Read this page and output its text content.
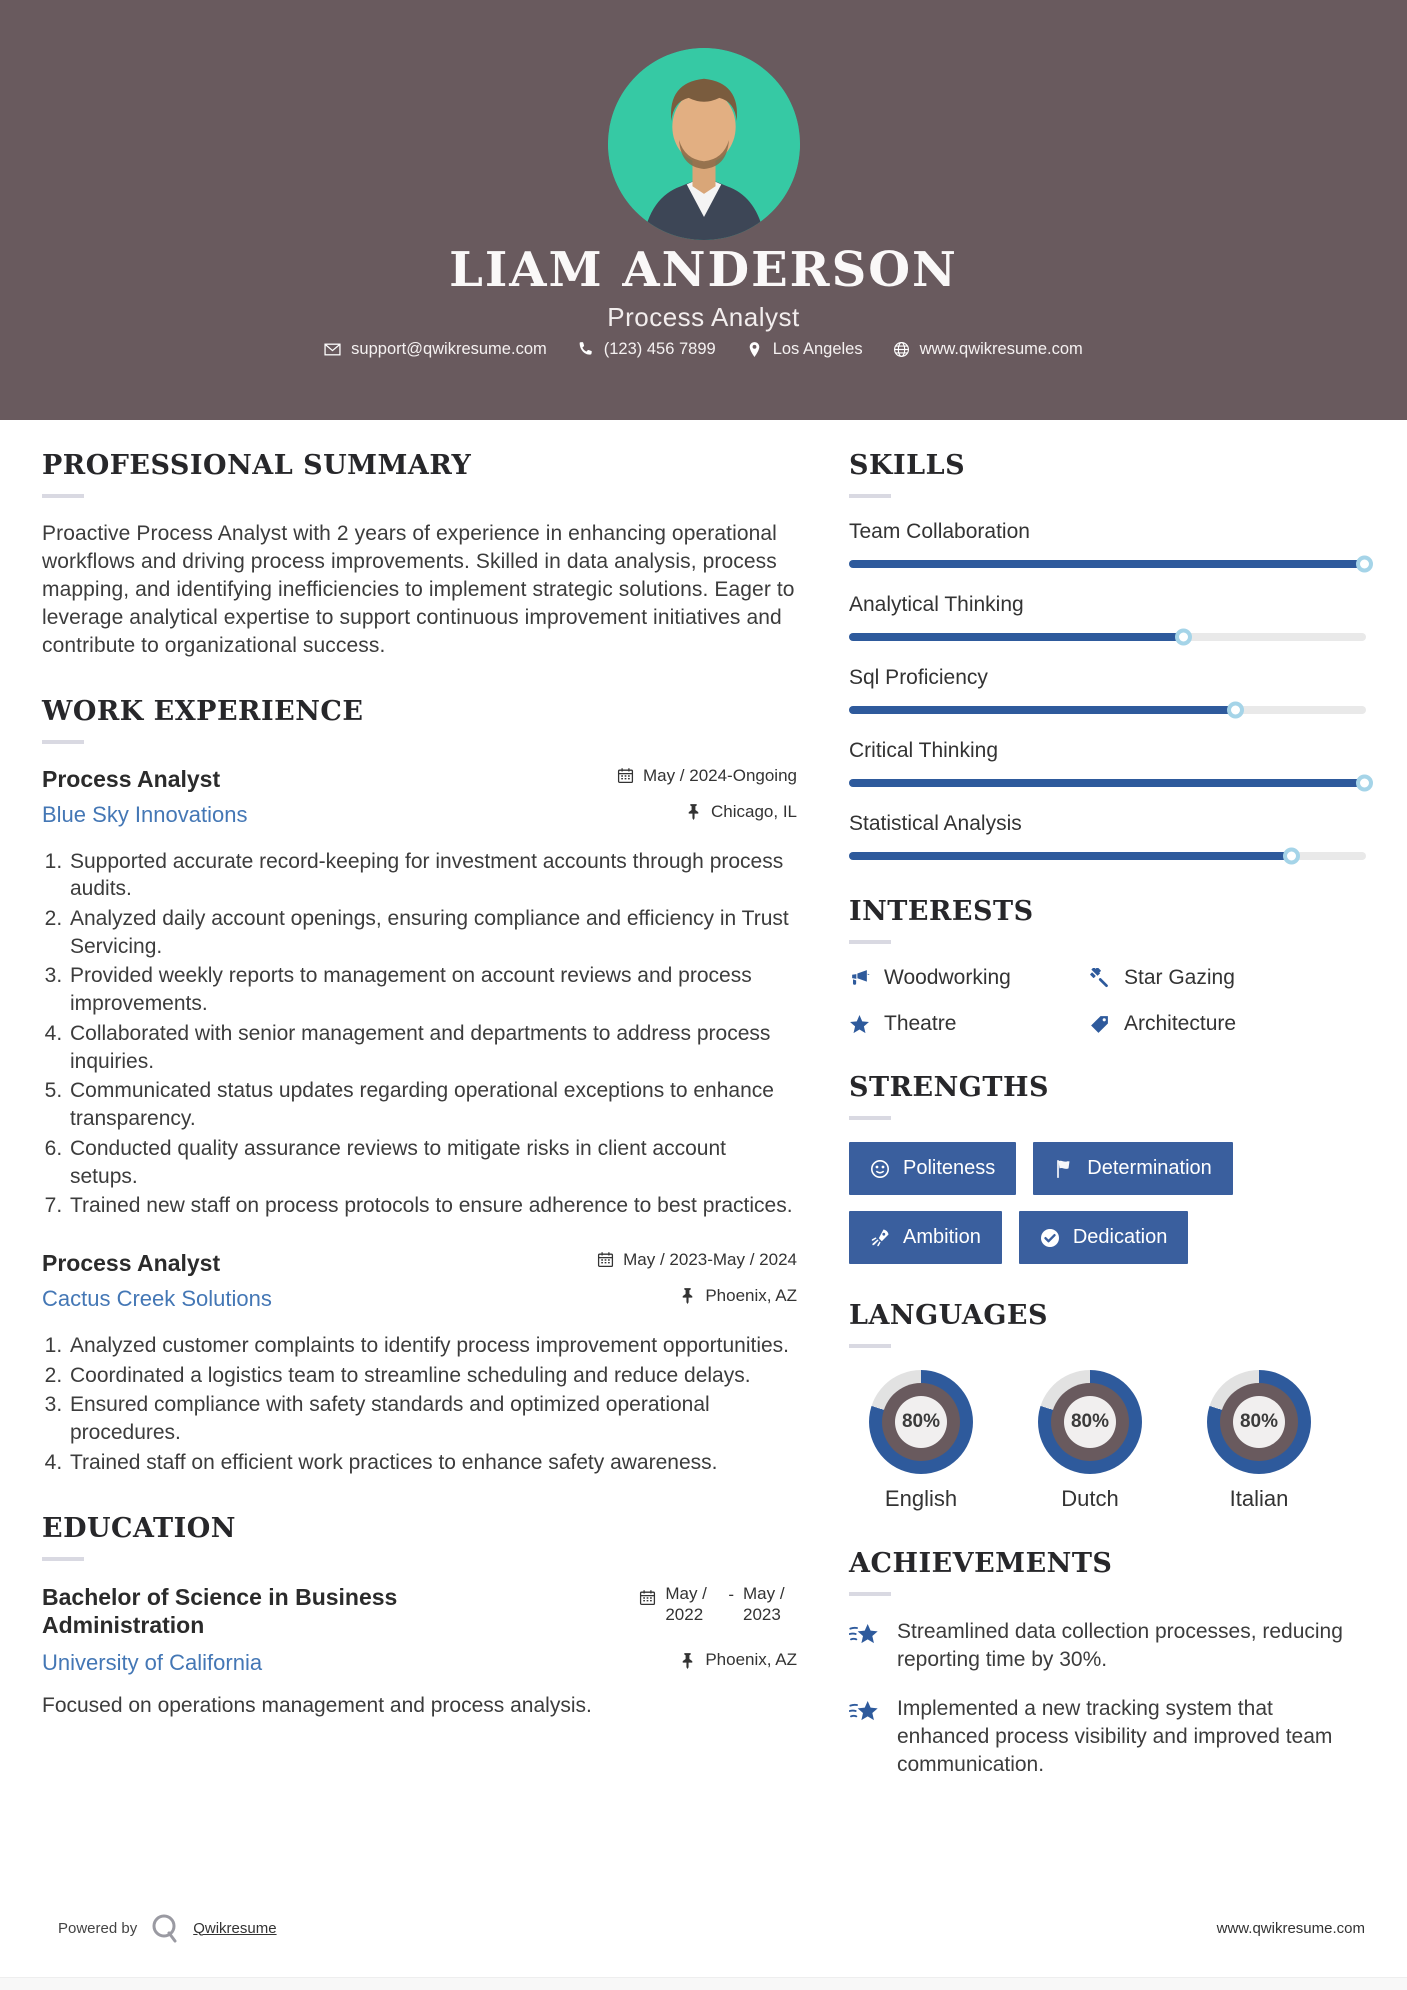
LIAM ANDERSON
Process Analyst
support@qwikresume.com	(123) 456 7899	Los Angeles	www.qwikresume.com
PROFESSIONAL SUMMARY

Proactive Process Analyst with 2 years of experience in enhancing operational workflows and driving process improvements. Skilled in data analysis, process mapping, and identifying inefficiencies to implement strategic solutions. Eager to leverage analytical expertise to support continuous improvement initiatives and contribute to organizational success.

WORK EXPERIENCE
Process Analyst	May / 2024-Ongoing
Blue Sky Innovations	Chicago, IL
1. Supported accurate record-keeping for investment accounts through process audits.
2. Analyzed daily account openings, ensuring compliance and efficiency in Trust Servicing.
3. Provided weekly reports to management on account reviews and process improvements.
4. Collaborated with senior management and departments to address process inquiries.
5. Communicated status updates regarding operational exceptions to enhance transparency.
6. Conducted quality assurance reviews to mitigate risks in client account setups.
7. Trained new staff on process protocols to ensure adherence to best practices.
Process Analyst	May / 2023-May / 2024
Cactus Creek Solutions	Phoenix, AZ
1. Analyzed customer complaints to identify process improvement opportunities.
2. Coordinated a logistics team to streamline scheduling and reduce delays.
3. Ensured compliance with safety standards and optimized operational procedures.
4. Trained staff on efficient work practices to enhance safety awareness.
EDUCATION
Bachelor of Science in Business Administration
May / 2022
- May / 2023
University of California	Phoenix, AZ
Focused on operations management and process analysis.
SKILLS
Team Collaboration
Analytical Thinking
Sql Proficiency
Critical Thinking
Statistical Analysis
INTERESTS
Woodworking	Star Gazing
Theatre	Architecture
STRENGTHS
Politeness	Determination
Ambition	Dedication
LANGUAGES
80%
English
80%
Dutch
80%
Italian
ACHIEVEMENTS
Streamlined data collection processes, reducing reporting time by 30%.
Implemented a new tracking system that enhanced process visibility and improved team communication.
Powered by	Qwikresume	www.qwikresume.com
